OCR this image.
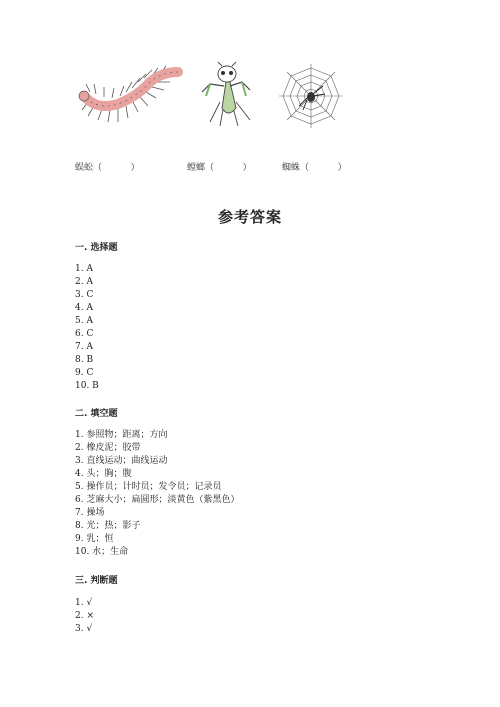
蜈蚣（          ）	螳螂（          ）	蜘蛛（          ）
参考答案
一. 选择题
1. A
2. A
3. C
4. A
5. A
6. C
7. A
8. B
9. C
10. B
二. 填空题
1. 参照物；距离；方向
2. 橡皮泥；胶带
3. 直线运动；曲线运动
4. 头；胸；腹
5. 操作员；计时员；发令员；记录员
6. 芝麻大小；扁圆形；淡黄色（紫黑色）
7. 操场
8. 光；热；影子
9. 乳；恒
10. 水；生命
三. 判断题
1. √
2. ×
3. √
